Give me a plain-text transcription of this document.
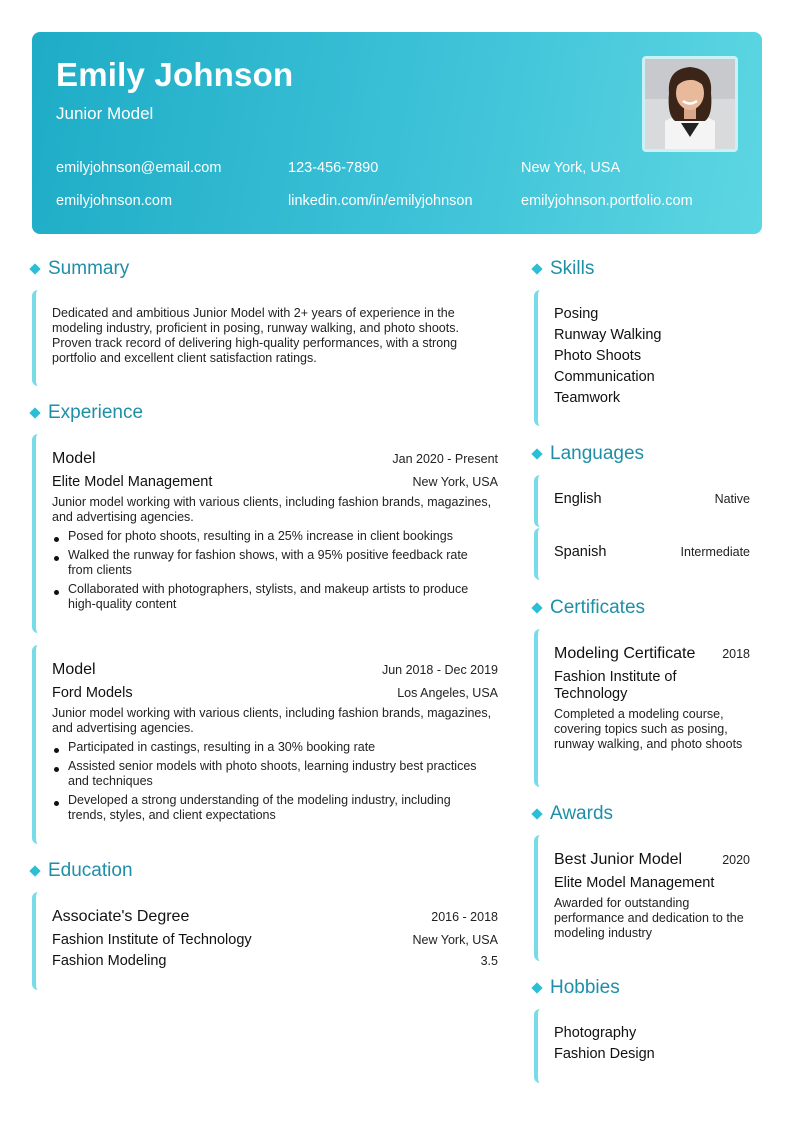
Emily Johnson
Junior Model
emilyjohnson@email.com	123-456-7890	New York, USA
emilyjohnson.com	linkedin.com/in/emilyjohnson	emilyjohnson.portfolio.com
Summary
Dedicated and ambitious Junior Model with 2+ years of experience in the modeling industry, proficient in posing, runway walking, and photo shoots. Proven track record of delivering high-quality performances, with a strong portfolio and excellent client satisfaction ratings.
Experience
Model	Jan 2020 - Present
Elite Model Management	New York, USA
Junior model working with various clients, including fashion brands, magazines, and advertising agencies.
Posed for photo shoots, resulting in a 25% increase in client bookings
Walked the runway for fashion shows, with a 95% positive feedback rate from clients
Collaborated with photographers, stylists, and makeup artists to produce high-quality content
Model	Jun 2018 - Dec 2019
Ford Models	Los Angeles, USA
Junior model working with various clients, including fashion brands, magazines, and advertising agencies.
Participated in castings, resulting in a 30% booking rate
Assisted senior models with photo shoots, learning industry best practices and techniques
Developed a strong understanding of the modeling industry, including trends, styles, and client expectations
Education
Associate's Degree	2016 - 2018
Fashion Institute of Technology	New York, USA
Fashion Modeling	3.5
Skills
Posing
Runway Walking
Photo Shoots
Communication
Teamwork
Languages
English	Native
Spanish	Intermediate
Certificates
Modeling Certificate 2018
Fashion Institute of Technology
Completed a modeling course, covering topics such as posing, runway walking, and photo shoots
Awards
Best Junior Model	2020
Elite Model Management
Awarded for outstanding performance and dedication to the modeling industry
Hobbies
Photography
Fashion Design
